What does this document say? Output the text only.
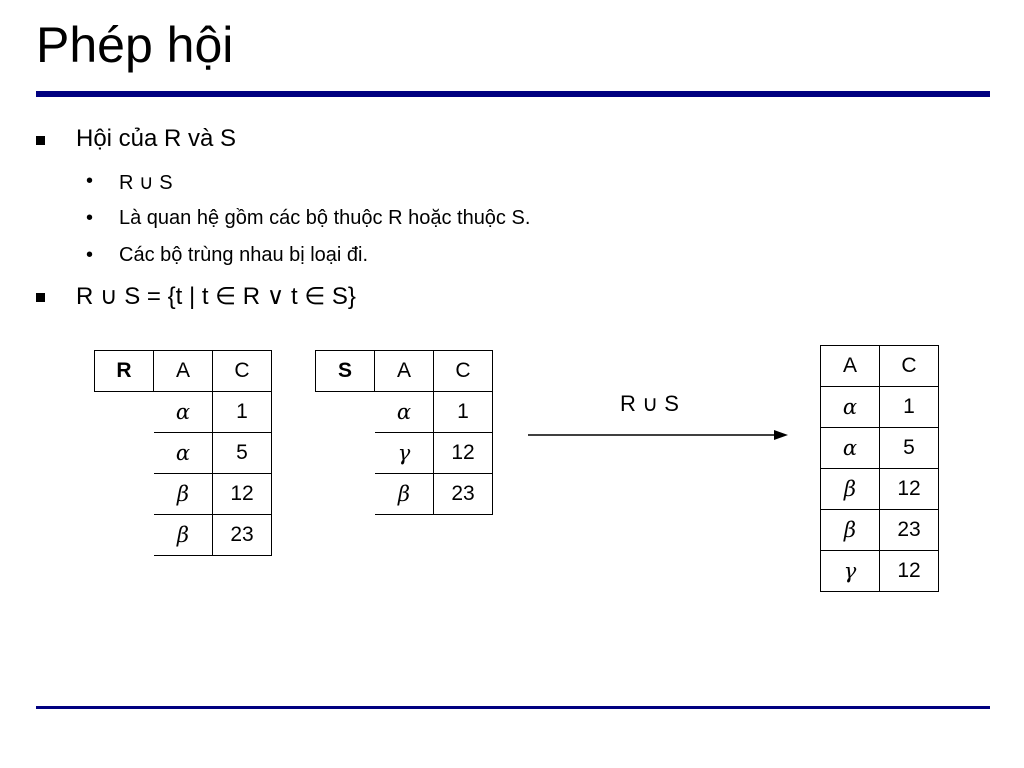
Phép hội
Hội của R và S
• R ∪ S
• Là quan hệ gồm các bộ thuộc R hoặc thuộc S.
• Các bộ trùng nhau bị loại đi.
R ∪ S = {t | t ∈ R ∨ t ∈ S}
R	A	C
	α	1
	α	5
	β	12
	β	23
S	A	C
	α	1
	γ	12
	β	23
R ∪ S
A	C
α	1
α	5
β	12
β	23
γ	12
